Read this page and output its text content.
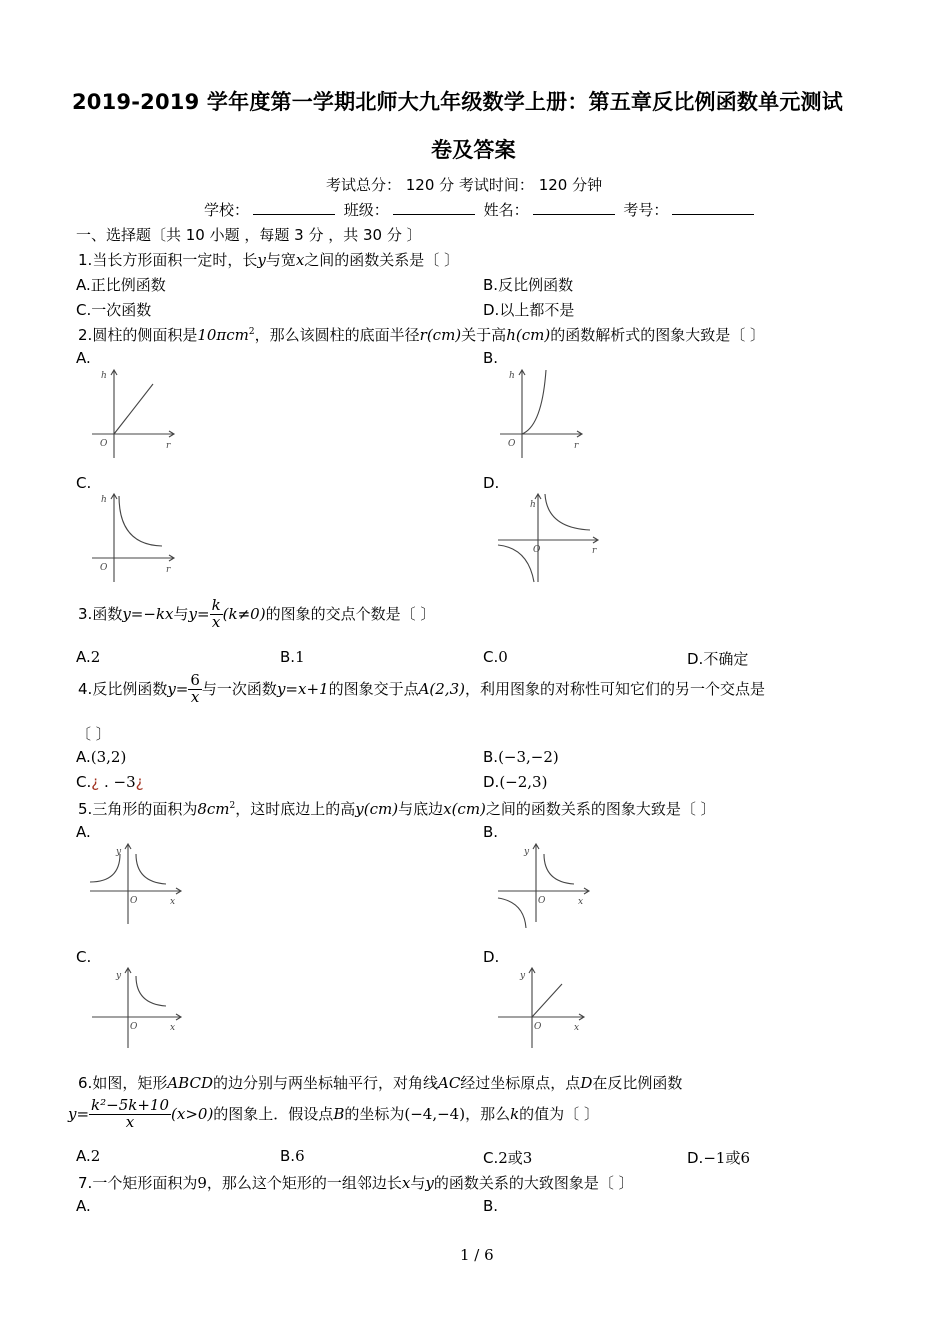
2019-2019 学年度第一学期北师大九年级数学上册：第五章反比例函数单元测试
卷及答案
考试总分： 120 分 考试时间： 120 分钟
学校：	班级：	姓名：	考号：
一、选择题〔共 10 小题 ，每题 3 分 ，共 30 分 〕
1.当长方形面积一定时，长y与宽x之间的函数关系是〔 〕
A.正比例函数	B.反比例函数
C.一次函数	D.以上都不是
2.圆柱的侧面积是10πcm$^2$，那么该圆柱的底面半径r(cm)关于高h(cm)的函数解析式的图象大致是〔 〕
A.	B.
C.	D.
h
O	r
h
O	r
h
O	r
h
O	r
3.函数y=−kx与$y= \frac{k}{x} (k\ne 0)$的图象的交点个数是〔 〕
A.2	B.1	C.0	D.不确定
4.反比例函数$y= \frac{6}{x}$ 与一次函数y=x+1的图象交于点A(2,3)，利用图象的对称性可知它们的另一个交点是
〔 〕
A.(3,2)	B.(−3,−2)
C.¿ . −3¿	D.(−2,3)
5.三角形的面积为$8cm^2$，这时底边上的高y(cm)与底边x(cm)之间的函数关系的图象大致是〔 〕
A.	B.
C.	D.
y
O	x
y
O	x
y
O	x
y
O	x
6.如图，矩形ABCD的边分别与两坐标轴平行，对角线AC经过坐标原点，点D在反比例函数
$y= \frac{\text{k²−5k+10}}{x} (x>0)$的图象上．假设点B的坐标为(−4,−4)，那么k的值为〔 〕
A.2	B.6	C.2或3	D.−1或6
7.一个矩形面积为9，那么这个矩形的一组邻边长x与y的函数关系的大致图象是〔 〕
A.	B.
1 / 6
